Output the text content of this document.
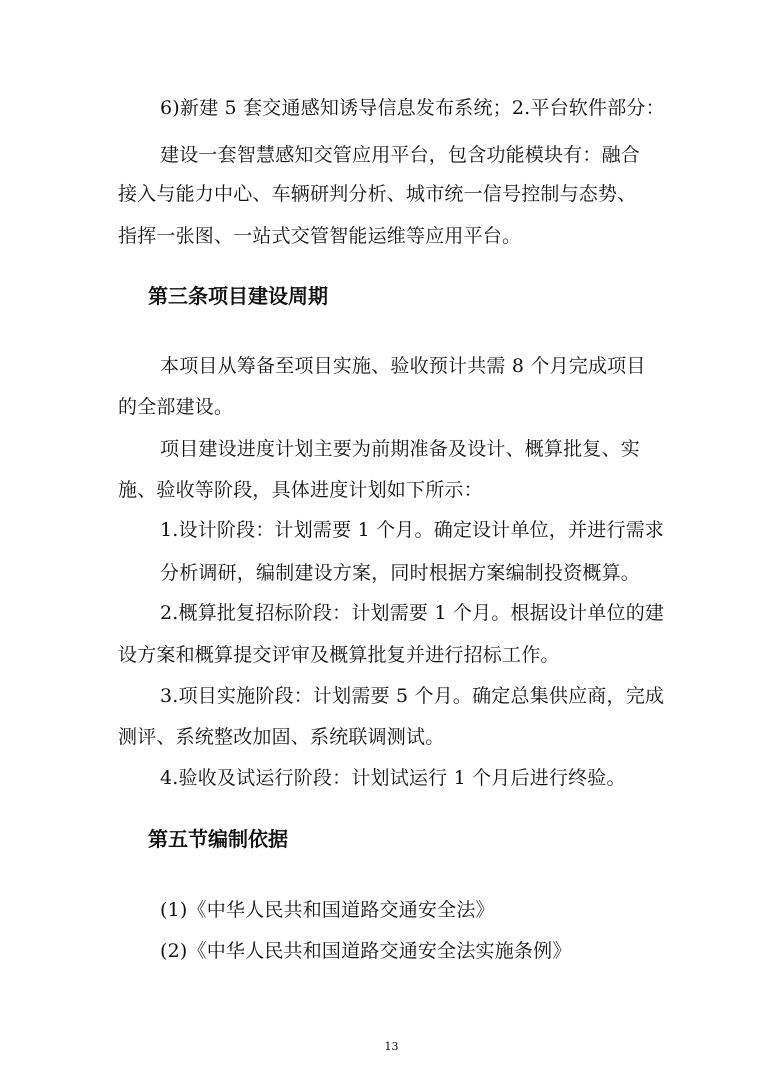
6)新建 5 套交通感知诱导信息发布系统；2.平台软件部分：
建设一套智慧感知交管应用平台，包含功能模块有：融合
接入与能力中心、车辆研判分析、城市统一信号控制与态势、
指挥一张图、一站式交管智能运维等应用平台。
第三条项目建设周期
本项目从筹备至项目实施、验收预计共需 8 个月完成项目
的全部建设。
项目建设进度计划主要为前期准备及设计、概算批复、实
施、验收等阶段，具体进度计划如下所示：
1.设计阶段：计划需要 1 个月。确定设计单位，并进行需求
分析调研，编制建设方案，同时根据方案编制投资概算。
2.概算批复招标阶段：计划需要 1 个月。根据设计单位的建
设方案和概算提交评审及概算批复并进行招标工作。
3.项目实施阶段：计划需要 5 个月。确定总集供应商，完成
测评、系统整改加固、系统联调测试。
4.验收及试运行阶段：计划试运行 1 个月后进行终验。
第五节编制依据
(1)《中华人民共和国道路交通安全法》
(2)《中华人民共和国道路交通安全法实施条例》
13
